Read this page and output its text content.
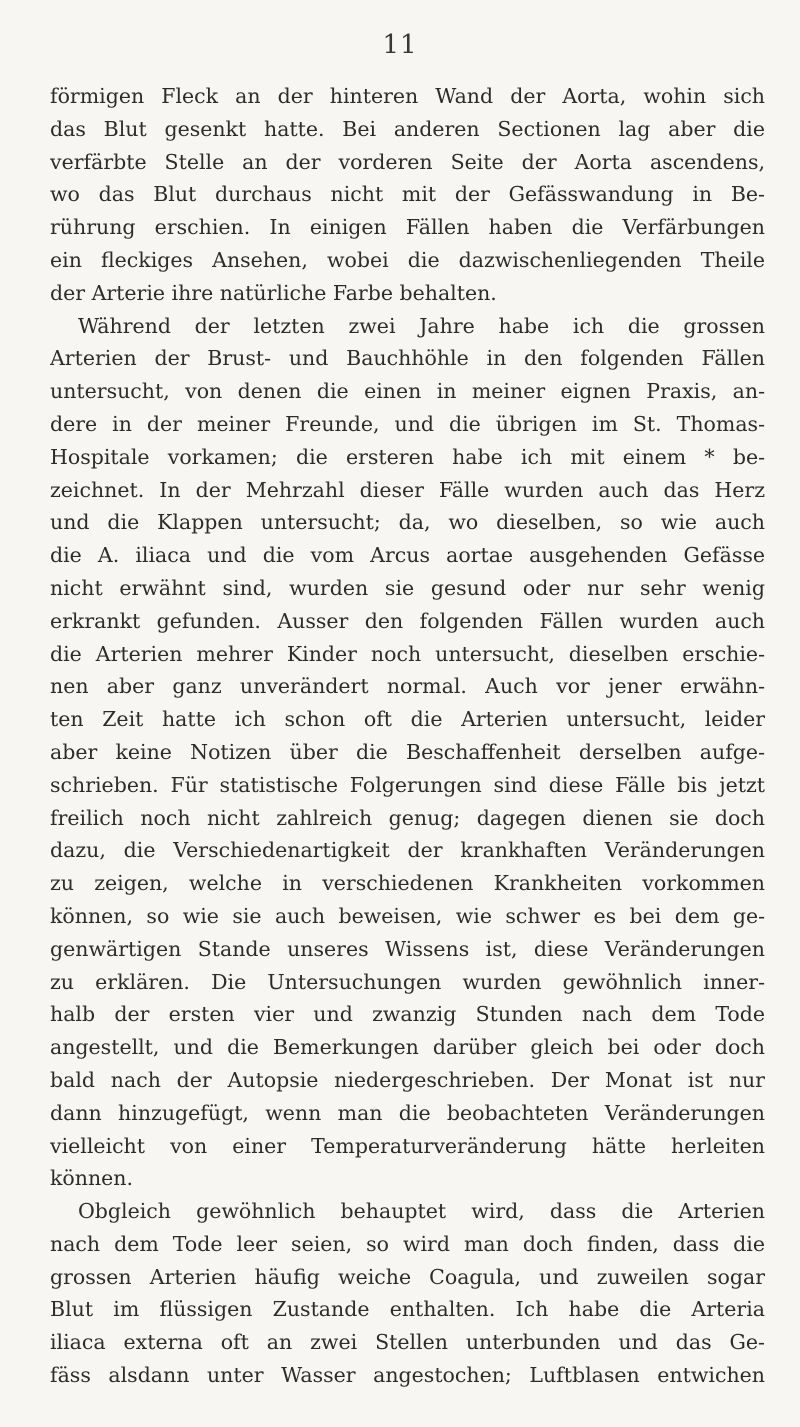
11
förmigen Fleck an der hinteren Wand der Aorta, wohin sich
das Blut gesenkt hatte. Bei anderen Sectionen lag aber die
verfärbte Stelle an der vorderen Seite der Aorta ascendens,
wo das Blut durchaus nicht mit der Gefässwandung in Be-
rührung erschien. In einigen Fällen haben die Verfärbungen
ein fleckiges Ansehen, wobei die dazwischenliegenden Theile
der Arterie ihre natürliche Farbe behalten.
Während der letzten zwei Jahre habe ich die grossen
Arterien der Brust- und Bauchhöhle in den folgenden Fällen
untersucht, von denen die einen in meiner eignen Praxis, an-
dere in der meiner Freunde, und die übrigen im St. Thomas-
Hospitale vorkamen; die ersteren habe ich mit einem * be-
zeichnet. In der Mehrzahl dieser Fälle wurden auch das Herz
und die Klappen untersucht; da, wo dieselben, so wie auch
die A. iliaca und die vom Arcus aortae ausgehenden Gefässe
nicht erwähnt sind, wurden sie gesund oder nur sehr wenig
erkrankt gefunden. Ausser den folgenden Fällen wurden auch
die Arterien mehrer Kinder noch untersucht, dieselben erschie-
nen aber ganz unverändert normal. Auch vor jener erwähn-
ten Zeit hatte ich schon oft die Arterien untersucht, leider
aber keine Notizen über die Beschaffenheit derselben aufge-
schrieben. Für statistische Folgerungen sind diese Fälle bis jetzt
freilich noch nicht zahlreich genug; dagegen dienen sie doch
dazu, die Verschiedenartigkeit der krankhaften Veränderungen
zu zeigen, welche in verschiedenen Krankheiten vorkommen
können, so wie sie auch beweisen, wie schwer es bei dem ge-
genwärtigen Stande unseres Wissens ist, diese Veränderungen
zu erklären. Die Untersuchungen wurden gewöhnlich inner-
halb der ersten vier und zwanzig Stunden nach dem Tode
angestellt, und die Bemerkungen darüber gleich bei oder doch
bald nach der Autopsie niedergeschrieben. Der Monat ist nur
dann hinzugefügt, wenn man die beobachteten Veränderungen
vielleicht von einer Temperaturveränderung hätte herleiten
können.
Obgleich gewöhnlich behauptet wird, dass die Arterien
nach dem Tode leer seien, so wird man doch finden, dass die
grossen Arterien häufig weiche Coagula, und zuweilen sogar
Blut im flüssigen Zustande enthalten. Ich habe die Arteria
iliaca externa oft an zwei Stellen unterbunden und das Ge-
fäss alsdann unter Wasser angestochen; Luftblasen entwichen
